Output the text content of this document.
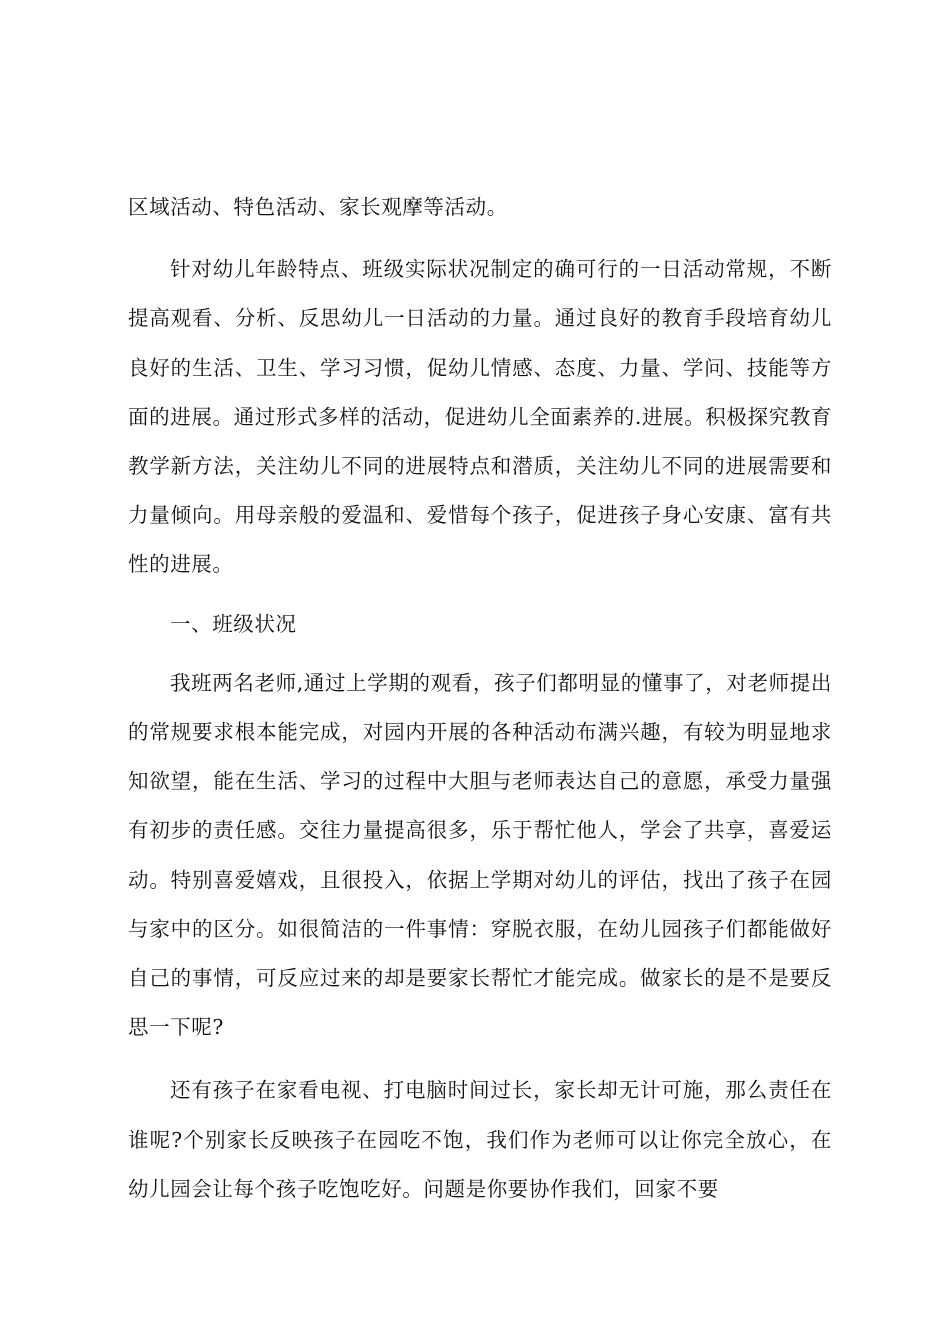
区域活动、特色活动、家长观摩等活动。

针对幼儿年龄特点、班级实际状况制定的确可行的一日活动常规，不断提高观看、分析、反思幼儿一日活动的力量。通过良好的教育手段培育幼儿良好的生活、卫生、学习习惯，促幼儿情感、态度、力量、学问、技能等方面的进展。通过形式多样的活动，促进幼儿全面素养的.进展。积极探究教育教学新方法，关注幼儿不同的进展特点和潜质，关注幼儿不同的进展需要和力量倾向。用母亲般的爱温和、爱惜每个孩子，促进孩子身心安康、富有共性的进展。

一、班级状况

我班两名老师,通过上学期的观看，孩子们都明显的懂事了，对老师提出的常规要求根本能完成，对园内开展的各种活动布满兴趣，有较为明显地求知欲望，能在生活、学习的过程中大胆与老师表达自己的意愿，承受力量强有初步的责任感。交往力量提高很多，乐于帮忙他人，学会了共享，喜爱运动。特别喜爱嬉戏，且很投入，依据上学期对幼儿的评估，找出了孩子在园与家中的区分。如很简洁的一件事情：穿脱衣服，在幼儿园孩子们都能做好自己的事情，可反应过来的却是要家长帮忙才能完成。做家长的是不是要反思一下呢?

还有孩子在家看电视、打电脑时间过长，家长却无计可施，那么责任在谁呢?个别家长反映孩子在园吃不饱，我们作为老师可以让你完全放心，在幼儿园会让每个孩子吃饱吃好。问题是你要协作我们，回家不要
